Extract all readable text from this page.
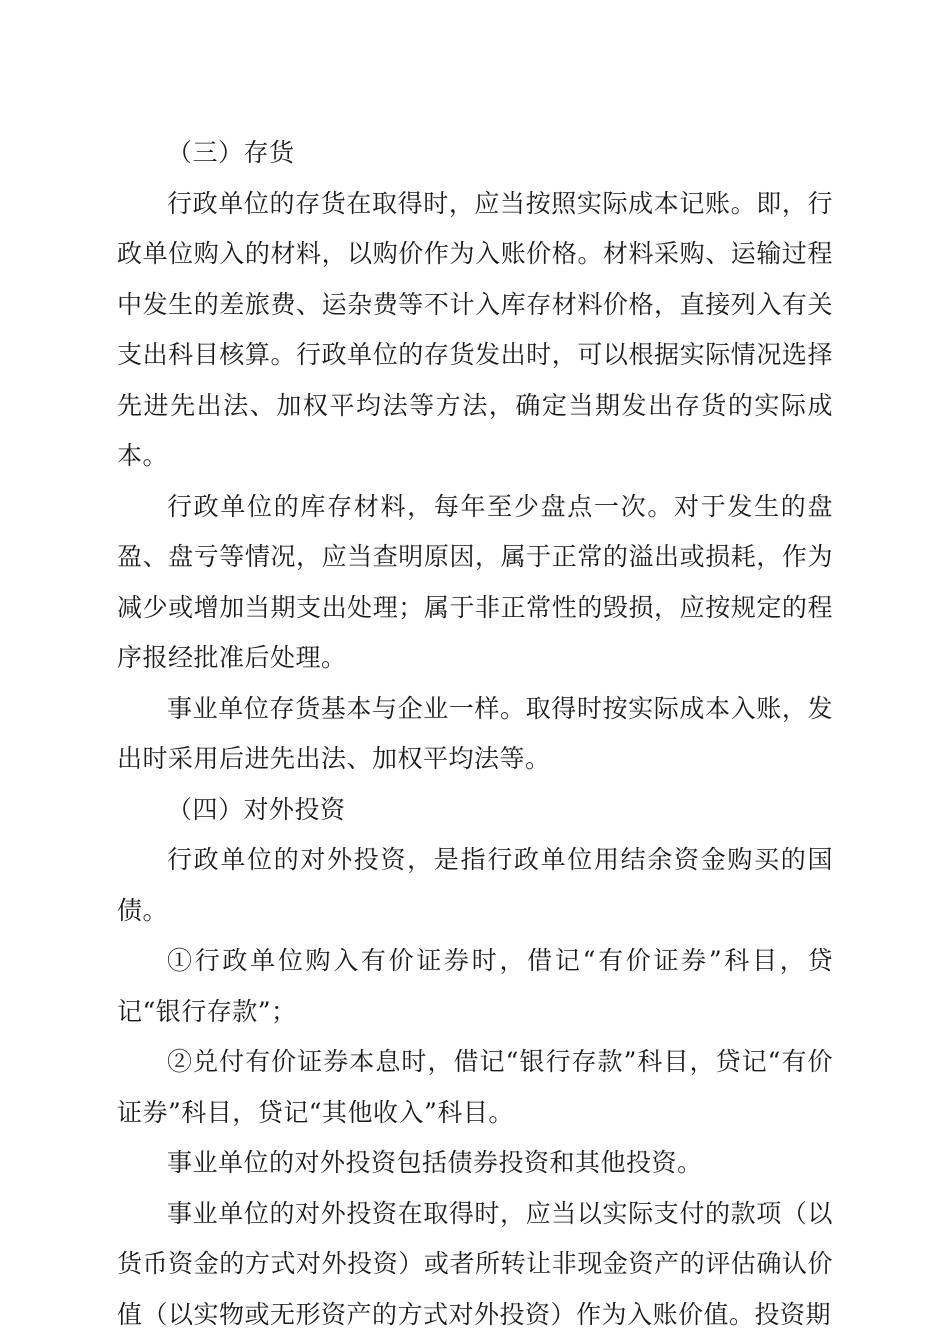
（三）存货

行政单位的存货在取得时，应当按照实际成本记账。即，行政单位购入的材料，以购价作为入账价格。材料采购、运输过程中发生的差旅费、运杂费等不计入库存材料价格，直接列入有关支出科目核算。行政单位的存货发出时，可以根据实际情况选择先进先出法、加权平均法等方法，确定当期发出存货的实际成本。

行政单位的库存材料，每年至少盘点一次。对于发生的盘盈、盘亏等情况，应当查明原因，属于正常的溢出或损耗，作为减少或增加当期支出处理；属于非正常性的毁损，应按规定的程序报经批准后处理。

事业单位存货基本与企业一样。取得时按实际成本入账，发出时采用后进先出法、加权平均法等。

（四）对外投资

行政单位的对外投资，是指行政单位用结余资金购买的国债。

①行政单位购入有价证券时，借记“有价证券”科目，贷记“银行存款”；

②兑付有价证券本息时，借记“银行存款”科目，贷记“有价证券”科目，贷记“其他收入”科目。

事业单位的对外投资包括债券投资和其他投资。

事业单位的对外投资在取得时，应当以实际支付的款项（以货币资金的方式对外投资）或者所转让非现金资产的评估确认价值（以实物或无形资产的方式对外投资）作为入账价值。投资期
